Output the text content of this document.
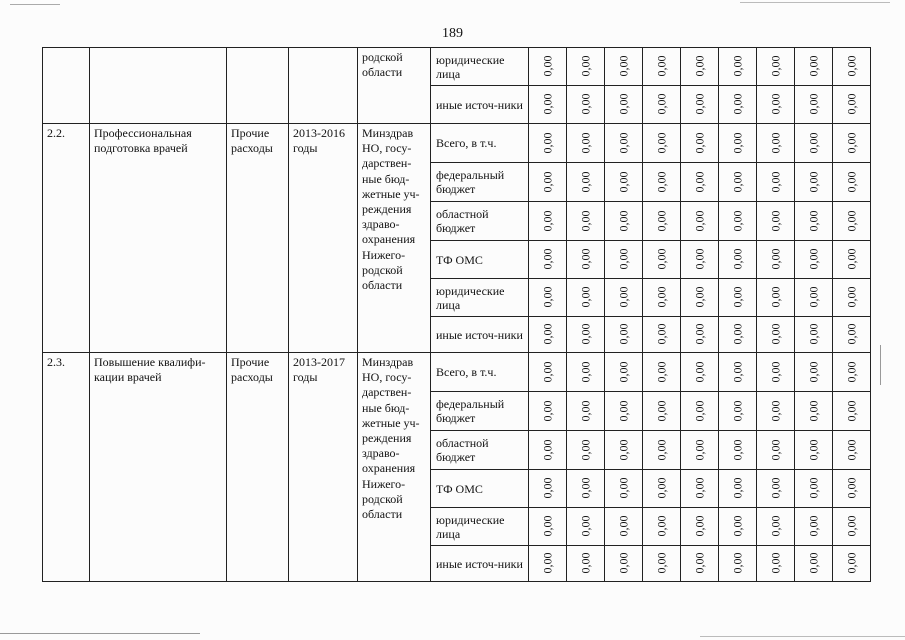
189
				родской области	юридические лица	0,00	0,00	0,00	0,00	0,00	0,00	0,00	0,00	0,00
					иные источ-ники	0,00	0,00	0,00	0,00	0,00	0,00	0,00	0,00	0,00
2.2.	Профессиональная подготовка врачей	Прочие расходы	2013-2016 годы	Минздрав НО, госу-дарствен-ные бюд-жетные уч-реждения здраво-охранения Нижего-родской области	Всего, в т.ч.	0,00	0,00	0,00	0,00	0,00	0,00	0,00	0,00	0,00
					федеральный бюджет	0,00	0,00	0,00	0,00	0,00	0,00	0,00	0,00	0,00
					областной бюджет	0,00	0,00	0,00	0,00	0,00	0,00	0,00	0,00	0,00
					ТФ ОМС	0,00	0,00	0,00	0,00	0,00	0,00	0,00	0,00	0,00
					юридические лица	0,00	0,00	0,00	0,00	0,00	0,00	0,00	0,00	0,00
					иные источ-ники	0,00	0,00	0,00	0,00	0,00	0,00	0,00	0,00	0,00
2.3.	Повышение квалифи-кации врачей	Прочие расходы	2013-2017 годы	Минздрав НО, госу-дарствен-ные бюд-жетные уч-реждения здраво-охранения Нижего-родской области	Всего, в т.ч.	0,00	0,00	0,00	0,00	0,00	0,00	0,00	0,00	0,00
					федеральный бюджет	0,00	0,00	0,00	0,00	0,00	0,00	0,00	0,00	0,00
					областной бюджет	0,00	0,00	0,00	0,00	0,00	0,00	0,00	0,00	0,00
					ТФ ОМС	0,00	0,00	0,00	0,00	0,00	0,00	0,00	0,00	0,00
					юридические лица	0,00	0,00	0,00	0,00	0,00	0,00	0,00	0,00	0,00
					иные источ-ники	0,00	0,00	0,00	0,00	0,00	0,00	0,00	0,00	0,00
